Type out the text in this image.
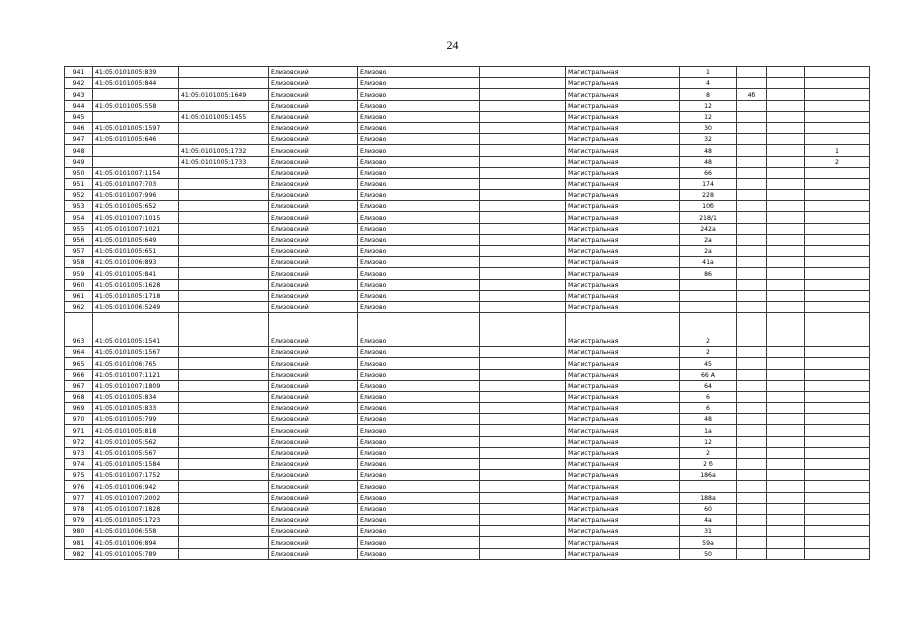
24
941	41:05:0101005:839		Елизовский	Елизово		Магистральная	1			
942	41:05:0101005:844		Елизовский	Елизово		Магистральная	4			
943		41:05:0101005:1649	Елизовский	Елизово		Магистральная	8	4б		
944	41:05:0101005:558		Елизовский	Елизово		Магистральная	12			
945		41:05:0101005:1455	Елизовский	Елизово		Магистральная	12			
946	41:05:0101005:1597		Елизовский	Елизово		Магистральная	30			
947	41:05:0101005:646		Елизовский	Елизово		Магистральная	32			
948		41:05:0101005:1732	Елизовский	Елизово		Магистральная	48			1
949		41:05:0101005:1733	Елизовский	Елизово		Магистральная	48			2
950	41:05:0101007:1154		Елизовский	Елизово		Магистральная	66			
951	41:05:0101007:703		Елизовский	Елизово		Магистральная	174			
952	41:05:0101007:996		Елизовский	Елизово		Магистральная	228			
953	41:05:0101005:652		Елизовский	Елизово		Магистральная	10б			
954	41:05:0101007:1015		Елизовский	Елизово		Магистральная	218/1			
955	41:05:0101007:1021		Елизовский	Елизово		Магистральная	242а			
956	41:05:0101005:649		Елизовский	Елизово		Магистральная	2а			
957	41:05:0101005:651		Елизовский	Елизово		Магистральная	2а			
958	41:05:0101006:893		Елизовский	Елизово		Магистральная	41а			
959	41:05:0101005:841		Елизовский	Елизово		Магистральная	86			
960	41:05:0101005:1628		Елизовский	Елизово		Магистральная				
961	41:05:0101005:1718		Елизовский	Елизово		Магистральная				
962	41:05:0101006:5249		Елизовский	Елизово		Магистральная				
963	41:05:0101005:1541		Елизовский	Елизово		Магистральная	2			
964	41:05:0101005:1567		Елизовский	Елизово		Магистральная	2			
965	41:05:0101006:765		Елизовский	Елизово		Магистральная	45			
966	41:05:0101007:1121		Елизовский	Елизово		Магистральная	66 А			
967	41:05:0101007:1809		Елизовский	Елизово		Магистральная	64			
968	41:05:0101005:834		Елизовский	Елизово		Магистральная	6			
969	41:05:0101005:833		Елизовский	Елизово		Магистральная	6			
970	41:05:0101005:799		Елизовский	Елизово		Магистральная	48			
971	41:05:0101005:818		Елизовский	Елизово		Магистральная	1а			
972	41:05:0101005:562		Елизовский	Елизово		Магистральная	12			
973	41:05:0101005:567		Елизовский	Елизово		Магистральная	2			
974	41:05:0101005:1584		Елизовский	Елизово		Магистральная	2 б			
975	41:05:0101007:1752		Елизовский	Елизово		Магистральная	186а			
976	41:05:0101006:942		Елизовский	Елизово		Магистральная				
977	41:05:0101007:2002		Елизовский	Елизово		Магистральная	188а			
978	41:05:0101007:1828		Елизовский	Елизово		Магистральная	60			
979	41:05:0101005:1723		Елизовский	Елизово		Магистральная	4а			
980	41:05:0101006:558		Елизовский	Елизово		Магистральная	31			
981	41:05:0101006:894		Елизовский	Елизово		Магистральная	59а			
982	41:05:0101005:789		Елизовский	Елизово		Магистральная	50			
